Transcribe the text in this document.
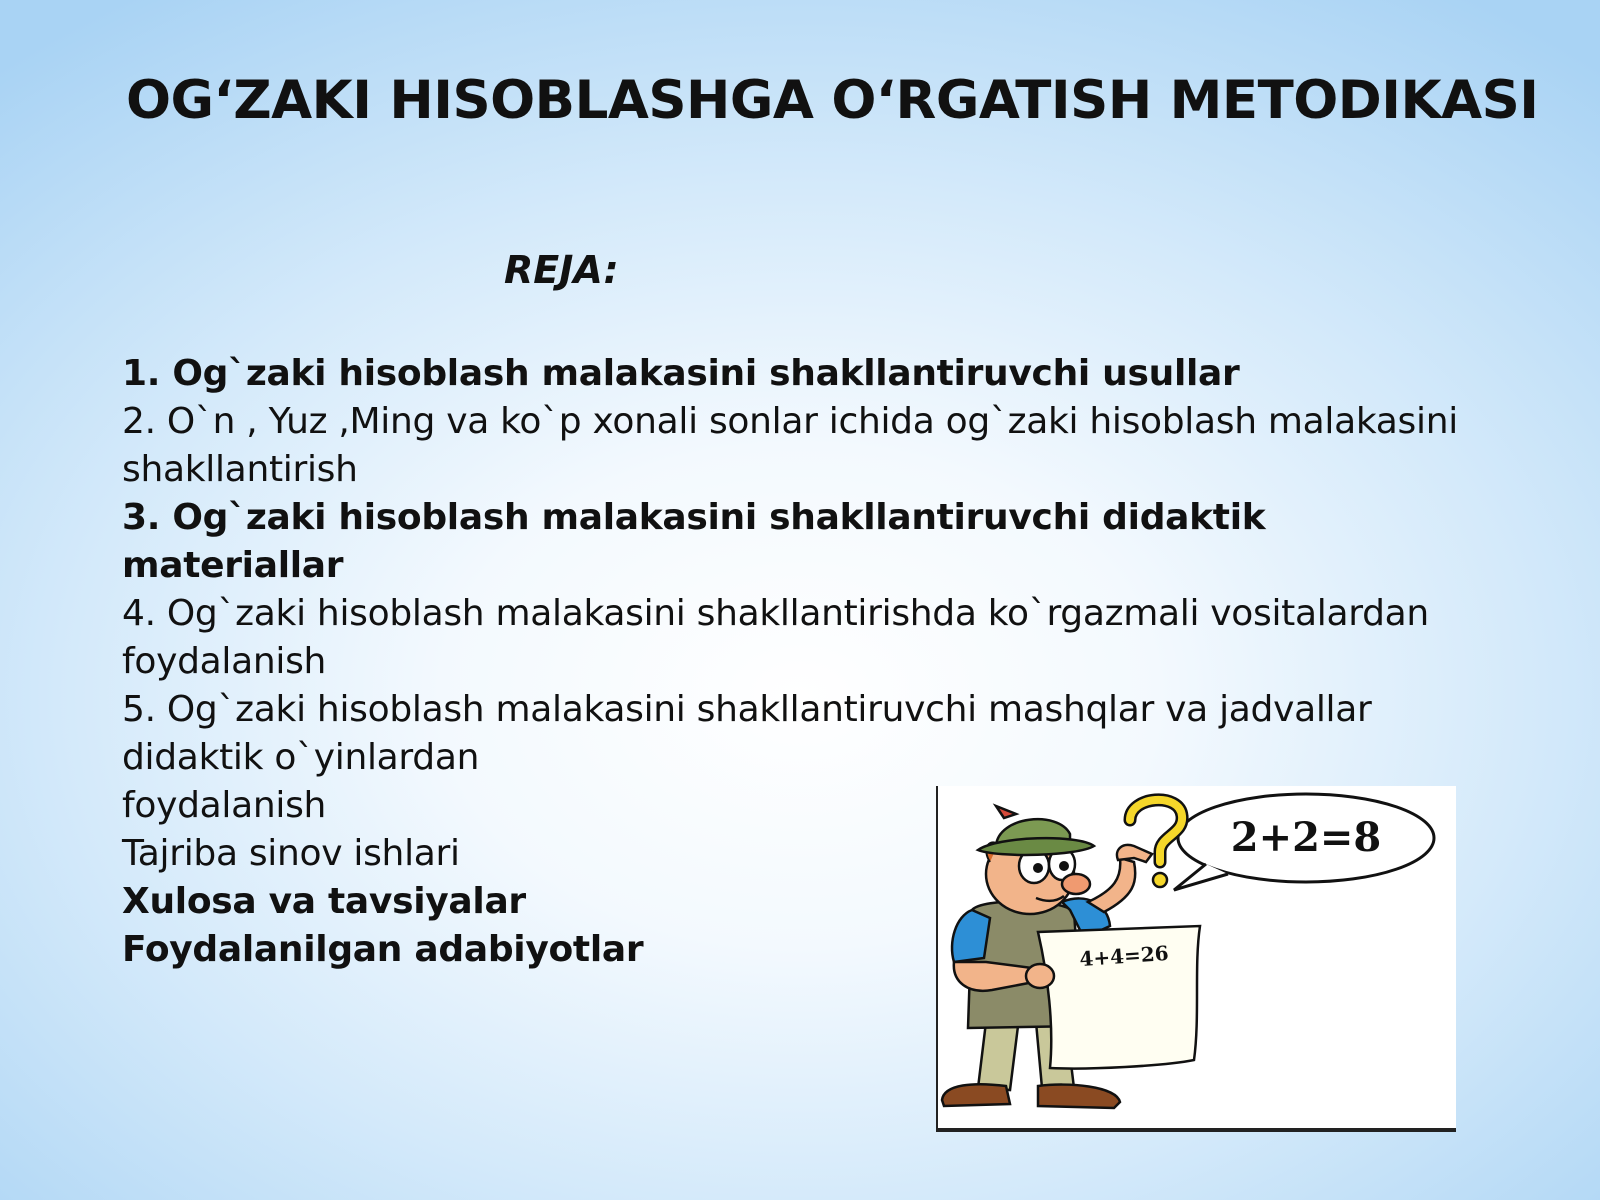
OG‘ZAKI HISOBLASHGA O‘RGATISH METODIKASI
REJA:
1. Og`zaki hisoblash malakasini shakllantiruvchi usullar
2. O`n , Yuz ,Ming va ko`p xonali sonlar ichida og`zaki hisoblash malakasini shakllantirish
3. Og`zaki hisoblash malakasini shakllantiruvchi didaktik materiallar
4. Og`zaki hisoblash malakasini shakllantirishda ko`rgazmali vositalardan foydalanish
5. Og`zaki hisoblash malakasini shakllantiruvchi mashqlar va jadvallar didaktik o`yinlardan
foydalanish
Tajriba sinov ishlari
Xulosa va tavsiyalar
Foydalanilgan adabiyotlar
2+2=8
4+4=26
